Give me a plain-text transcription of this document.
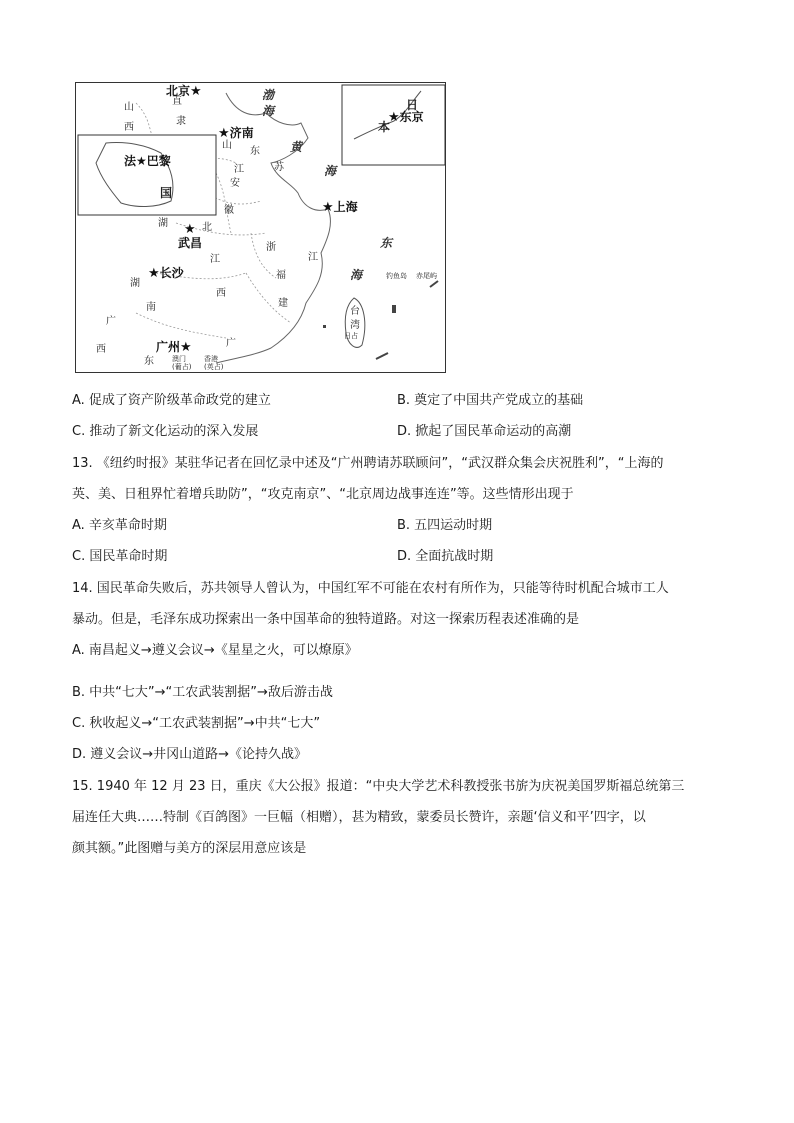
山
西
直
隶
山
东
江	苏
安
徽
湖	北
浙
江
湖
南
江
西
福
建
广
西
广
东
台
湾
日占
渤
海
黄
海
东
海
北京★
★济南
★上海
★
武昌
★长沙
广州★
法★巴黎
国
日
本
★东京
钓鱼岛 赤尾屿
澳门
(葡占)
香港
(英占)
A. 促成了资产阶级革命政党的建立	B. 奠定了中国共产党成立的基础
C. 推动了新文化运动的深入发展	D. 掀起了国民革命运动的高潮
13. 《纽约时报》某驻华记者在回忆录中述及“广州聘请苏联顾问”，“武汉群众集会庆祝胜利”，“上海的
英、美、日租界忙着增兵助防”，“攻克南京”、“北京周边战事连连”等。这些情形出现于
A. 辛亥革命时期	B. 五四运动时期
C. 国民革命时期	D. 全面抗战时期
14. 国民革命失败后，苏共领导人曾认为，中国红军不可能在农村有所作为，只能等待时机配合城市工人
暴动。但是，毛泽东成功探索出一条中国革命的独特道路。对这一探索历程表述准确的是
A. 南昌起义→遵义会议→《星星之火，可以燎原》
B. 中共“七大”→“工农武装割据”→敌后游击战
C. 秋收起义→“工农武装割据”→中共“七大”
D. 遵义会议→井冈山道路→《论持久战》
15. 1940 年 12 月 23 日，重庆《大公报》报道：“中央大学艺术科教授张书旂为庆祝美国罗斯福总统第三
届连任大典……特制《百鸽图》一巨幅（相赠），甚为精致，蒙委员长赞许，亲题‘信义和平’四字，以
颜其额。”此图赠与美方的深层用意应该是
